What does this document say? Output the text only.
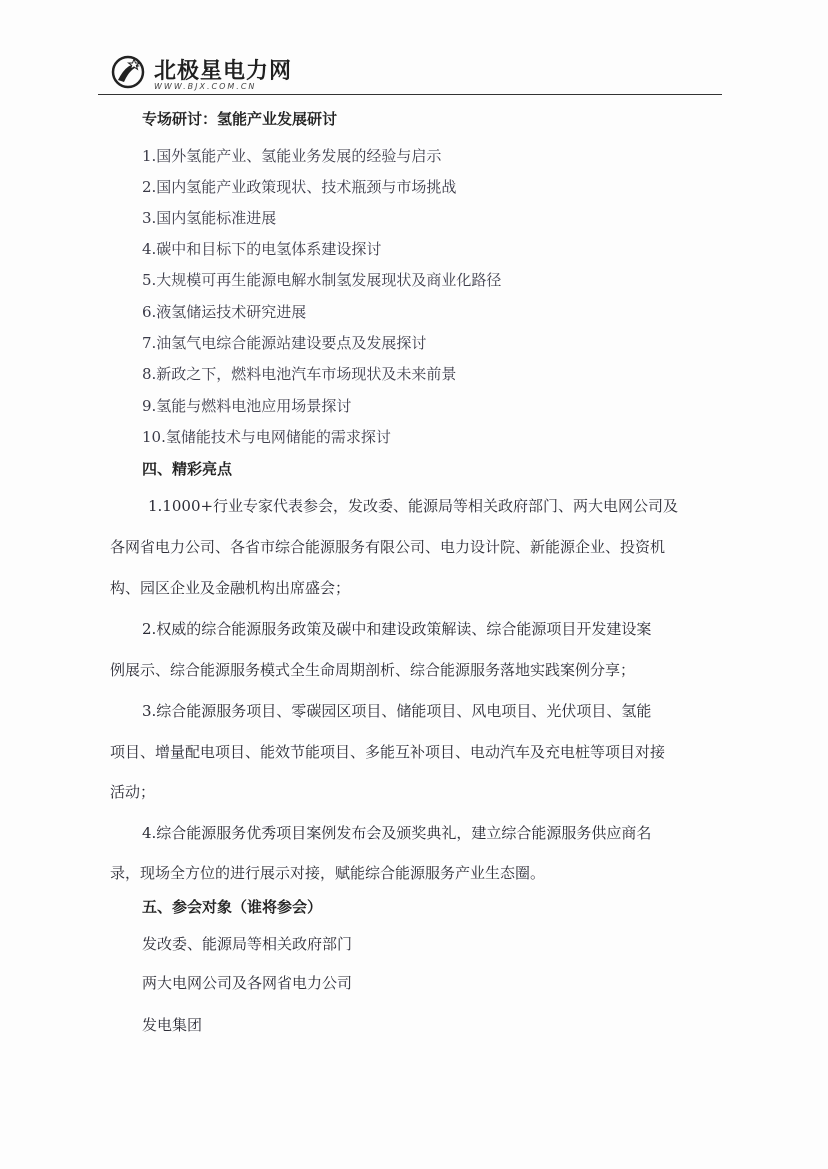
北极星电力网
WWW.BJX.COM.CN
专场研讨：氢能产业发展研讨
1.国外氢能产业、氢能业务发展的经验与启示
2.国内氢能产业政策现状、技术瓶颈与市场挑战
3.国内氢能标准进展
4.碳中和目标下的电氢体系建设探讨
5.大规模可再生能源电解水制氢发展现状及商业化路径
6.液氢储运技术研究进展
7.油氢气电综合能源站建设要点及发展探讨
8.新政之下，燃料电池汽车市场现状及未来前景
9.氢能与燃料电池应用场景探讨
10.氢储能技术与电网储能的需求探讨
四、精彩亮点
1.1000+行业专家代表参会，发改委、能源局等相关政府部门、两大电网公司及
各网省电力公司、各省市综合能源服务有限公司、电力设计院、新能源企业、投资机
构、园区企业及金融机构出席盛会；
2.权威的综合能源服务政策及碳中和建设政策解读、综合能源项目开发建设案
例展示、综合能源服务模式全生命周期剖析、综合能源服务落地实践案例分享；
3.综合能源服务项目、零碳园区项目、储能项目、风电项目、光伏项目、氢能
项目、增量配电项目、能效节能项目、多能互补项目、电动汽车及充电桩等项目对接
活动；
4.综合能源服务优秀项目案例发布会及颁奖典礼，建立综合能源服务供应商名
录，现场全方位的进行展示对接，赋能综合能源服务产业生态圈。
五、参会对象（谁将参会）
发改委、能源局等相关政府部门
两大电网公司及各网省电力公司
发电集团
